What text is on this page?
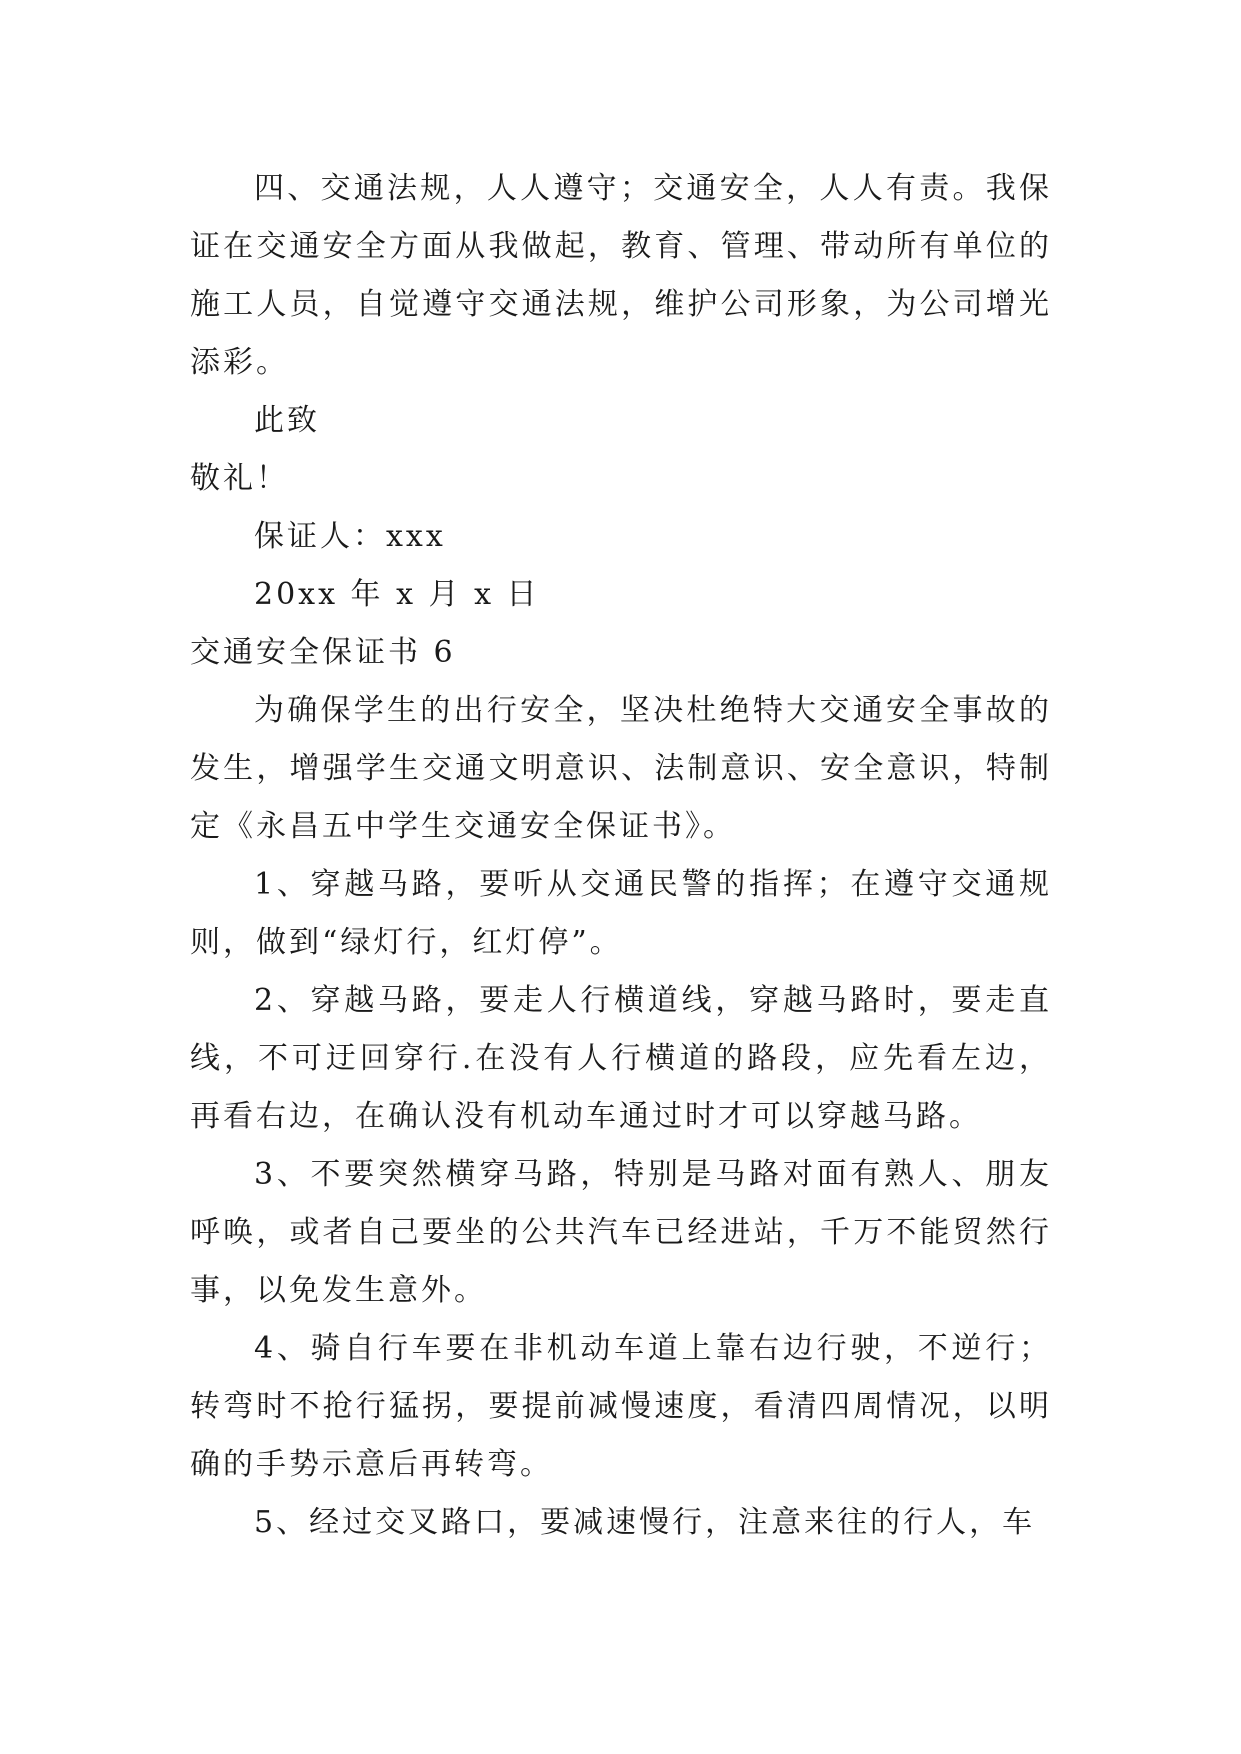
四、交通法规，人人遵守；交通安全，人人有责。我保证在交通安全方面从我做起，教育、管理、带动所有单位的施工人员，自觉遵守交通法规，维护公司形象，为公司增光添彩。

此致

敬礼！

保证人：xxx

20xx 年 x 月 x 日

交通安全保证书 6

为确保学生的出行安全，坚决杜绝特大交通安全事故的发生，增强学生交通文明意识、法制意识、安全意识，特制定《永昌五中学生交通安全保证书》。

1、穿越马路，要听从交通民警的指挥；在遵守交通规则，做到“绿灯行，红灯停”。

2、穿越马路，要走人行横道线，穿越马路时，要走直线，不可迂回穿行.在没有人行横道的路段，应先看左边，再看右边，在确认没有机动车通过时才可以穿越马路。

3、不要突然横穿马路，特别是马路对面有熟人、朋友呼唤，或者自己要坐的公共汽车已经进站，千万不能贸然行事，以免发生意外。

4、骑自行车要在非机动车道上靠右边行驶，不逆行；转弯时不抢行猛拐，要提前减慢速度，看清四周情况，以明确的手势示意后再转弯。

5、经过交叉路口，要减速慢行，注意来往的行人，车
